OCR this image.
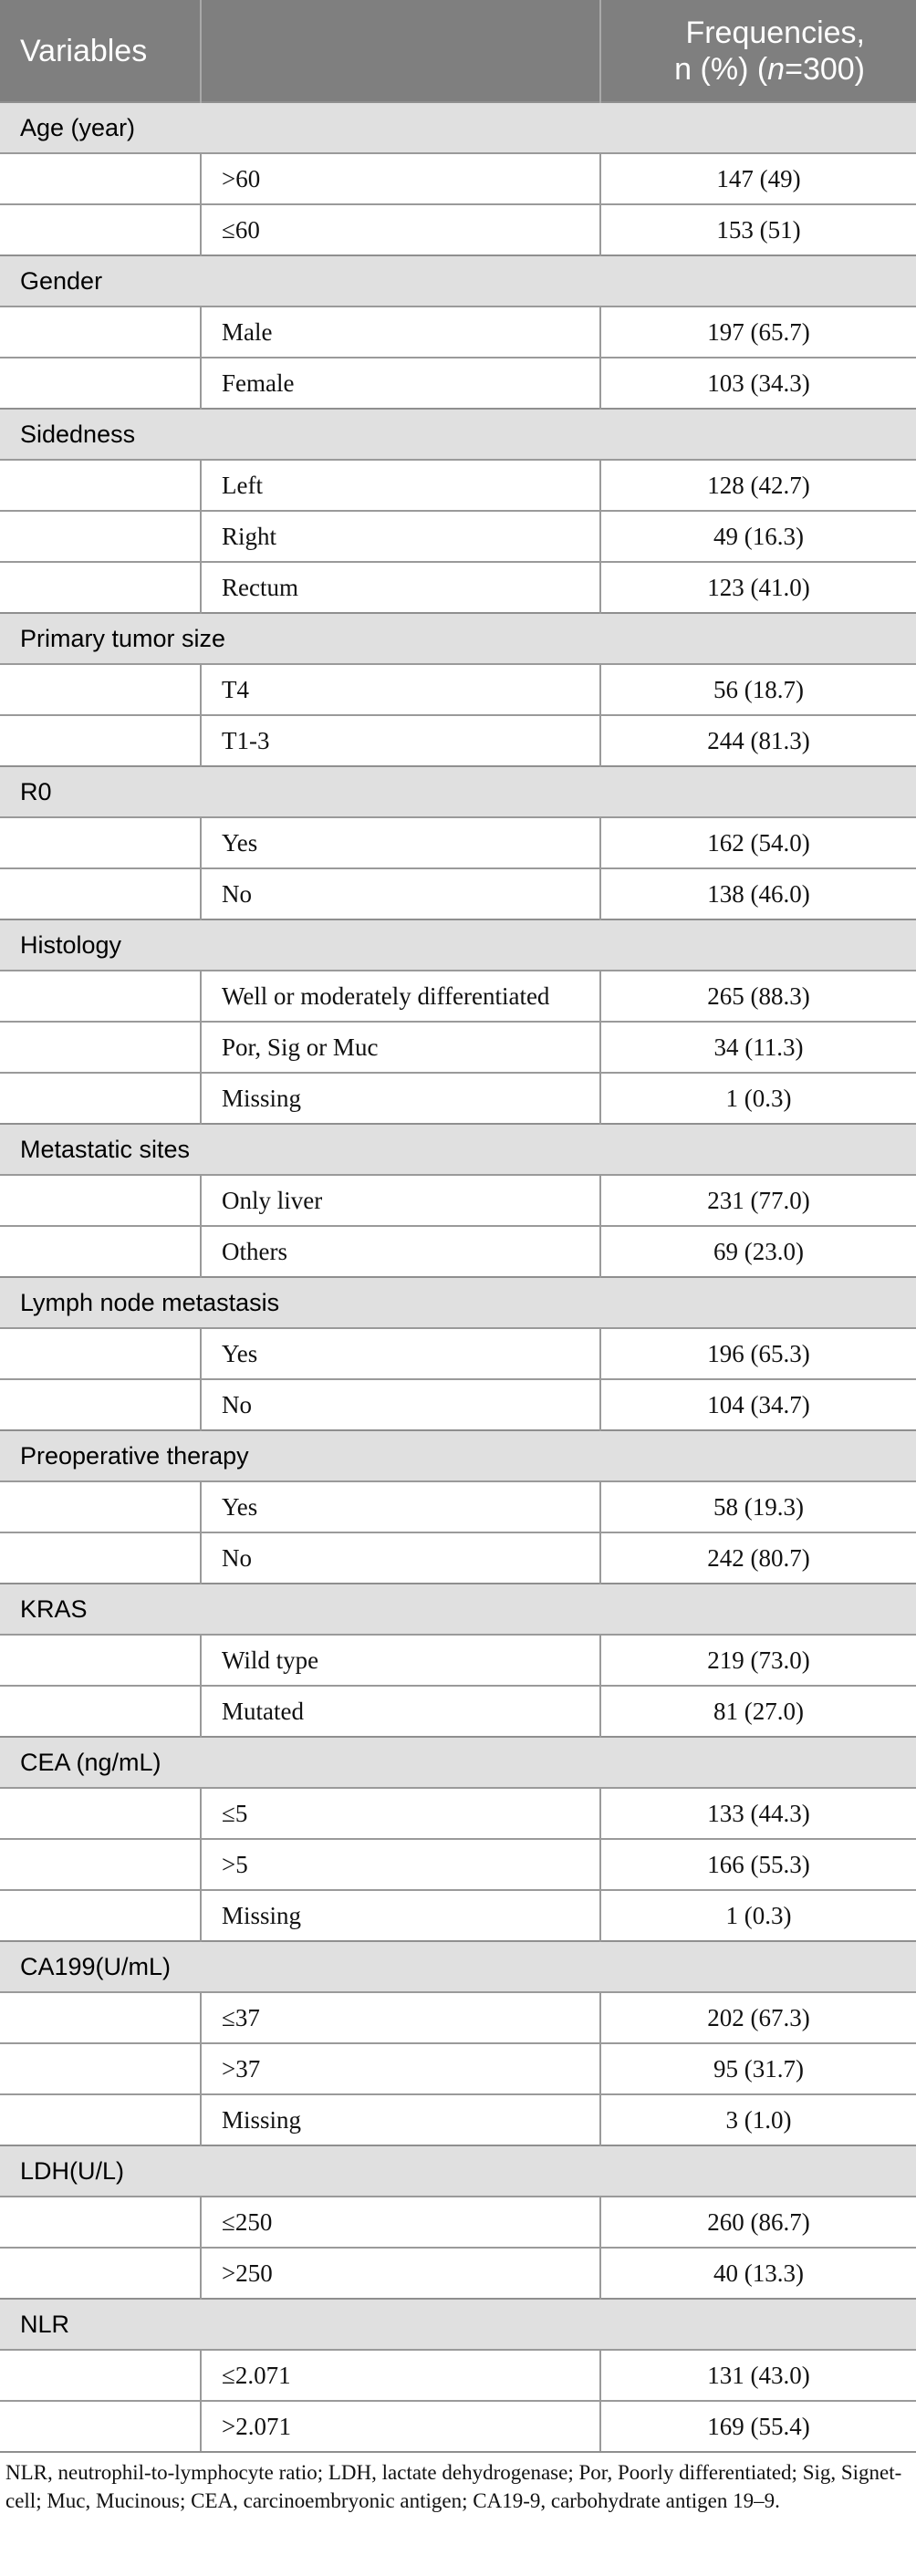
Variables		Frequencies,
n (%) (n=300)
Age (year)		
	>60	147 (49)
	≤60	153 (51)
Gender		
	Male	197 (65.7)
	Female	103 (34.3)
Sidedness		
	Left	128 (42.7)
	Right	49 (16.3)
	Rectum	123 (41.0)
Primary tumor size		
	T4	56 (18.7)
	T1-3	244 (81.3)
R0		
	Yes	162 (54.0)
	No	138 (46.0)
Histology		
	Well or moderately differentiated	265 (88.3)
	Por, Sig or Muc	34 (11.3)
	Missing	1 (0.3)
Metastatic sites		
	Only liver	231 (77.0)
	Others	69 (23.0)
Lymph node metastasis		
	Yes	196 (65.3)
	No	104 (34.7)
Preoperative therapy		
	Yes	58 (19.3)
	No	242 (80.7)
KRAS		
	Wild type	219 (73.0)
	Mutated	81 (27.0)
CEA (ng/mL)		
	≤5	133 (44.3)
	>5	166 (55.3)
	Missing	1 (0.3)
CA199(U/mL)		
	≤37	202 (67.3)
	>37	95 (31.7)
	Missing	3 (1.0)
LDH(U/L)		
	≤250	260 (86.7)
	>250	40 (13.3)
NLR		
	≤2.071	131 (43.0)
	>2.071	169 (55.4)

NLR, neutrophil-to-lymphocyte ratio; LDH, lactate dehydrogenase; Por, Poorly differentiated; Sig, Signet-cell; Muc, Mucinous; CEA, carcinoembryonic antigen; CA19-9, carbohydrate antigen 19–9.
